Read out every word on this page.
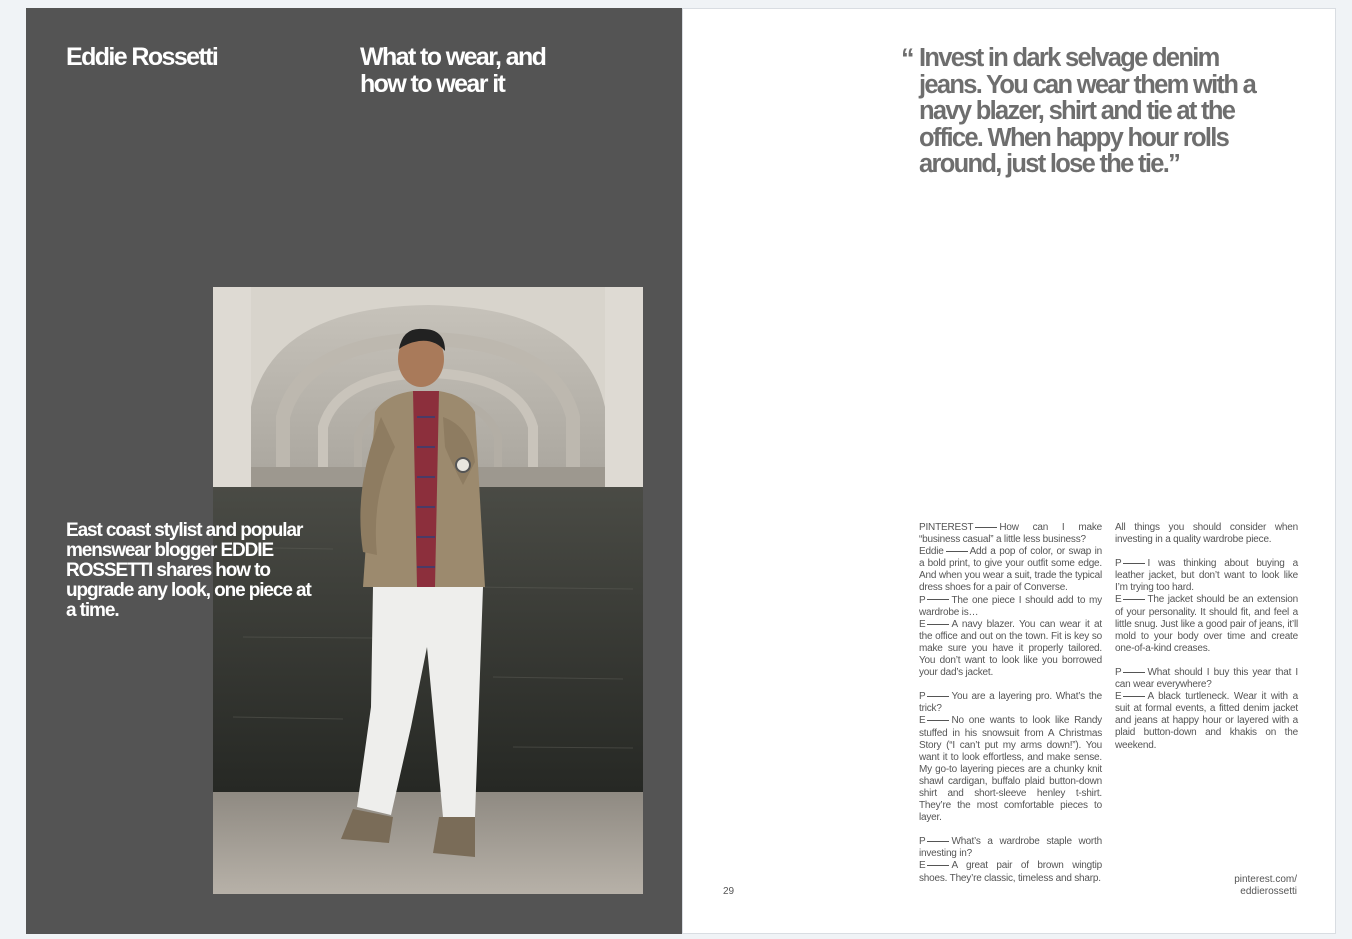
Eddie Rossetti	What to wear, and how to wear it
East coast stylist and popular menswear blogger EDDIE ROSSETTI shares how to upgrade any look, one piece at a time.
“ Invest in dark selvage denim jeans. You can wear them with a navy blazer, shirt and tie at the office. When happy hour rolls around, just lose the tie.”

PINTEREST	How can I make “business casual” a little less business?
Eddie	Add a pop of color, or swap in a bold print, to give your outfit some edge. And when you wear a suit, trade the typical dress shoes for a pair of Converse.
P	The one piece I should add to my wardrobe is…
E	A navy blazer. You can wear it at the office and out on the town. Fit is key so make sure you have it properly tailored. You don’t want to look like you borrowed your dad’s jacket.

P	You are a layering pro. What’s the trick?
E	No one wants to look like Randy stuffed in his snowsuit from A Christmas Story (“I can’t put my arms down!”). You want it to look effortless, and make sense. My go-to layering pieces are a chunky knit shawl cardigan, buffalo plaid button-down shirt and short-sleeve henley t-shirt. They’re the most comfortable pieces to layer.

P	What’s a wardrobe staple worth investing in?
E	A great pair of brown wingtip shoes. They’re classic, timeless and sharp.

All things you should consider when investing in a quality wardrobe piece.

P	I was thinking about buying a leather jacket, but don’t want to look like I’m trying too hard.
E	The jacket should be an extension of your personality. It should fit, and feel a little snug. Just like a good pair of jeans, it’ll mold to your body over time and create one-of-a-kind creases.

P	What should I buy this year that I can wear everywhere?
E	A black turtleneck. Wear it with a suit at formal events, a fitted denim jacket and jeans at happy hour or layered with a plaid button-down and khakis on the weekend.

29
pinterest.com/
eddierossetti
